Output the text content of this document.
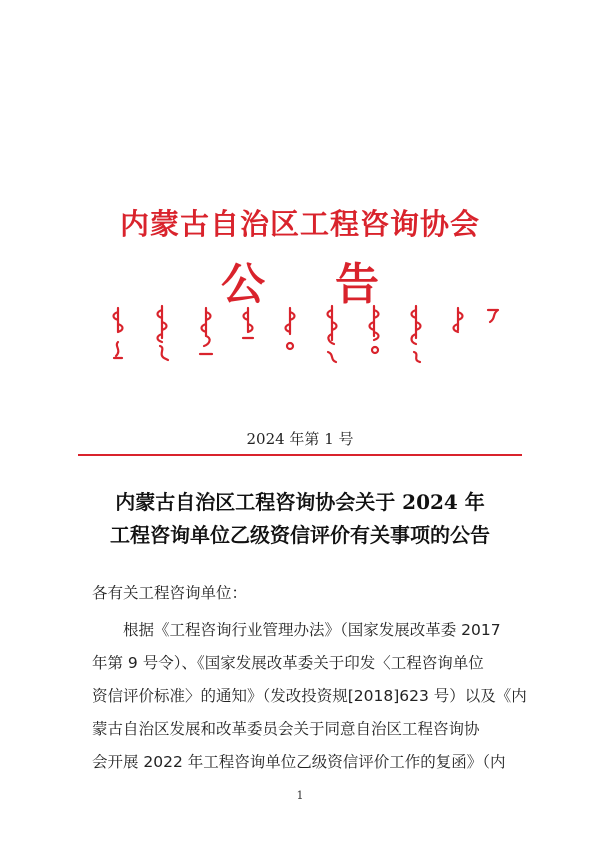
内蒙古自治区工程咨询协会
公告
2024 年第 1 号
内蒙古自治区工程咨询协会关于 2024 年
工程咨询单位乙级资信评价有关事项的公告
各有关工程咨询单位：
根据《工程咨询行业管理办法》（国家发展改革委 2017
年第 9 号令）、《国家发展改革委关于印发〈工程咨询单位
资信评价标准〉的通知》（发改投资规[2018]623 号）以及《内
蒙古自治区发展和改革委员会关于同意自治区工程咨询协
会开展 2022 年工程咨询单位乙级资信评价工作的复函》（内
1
